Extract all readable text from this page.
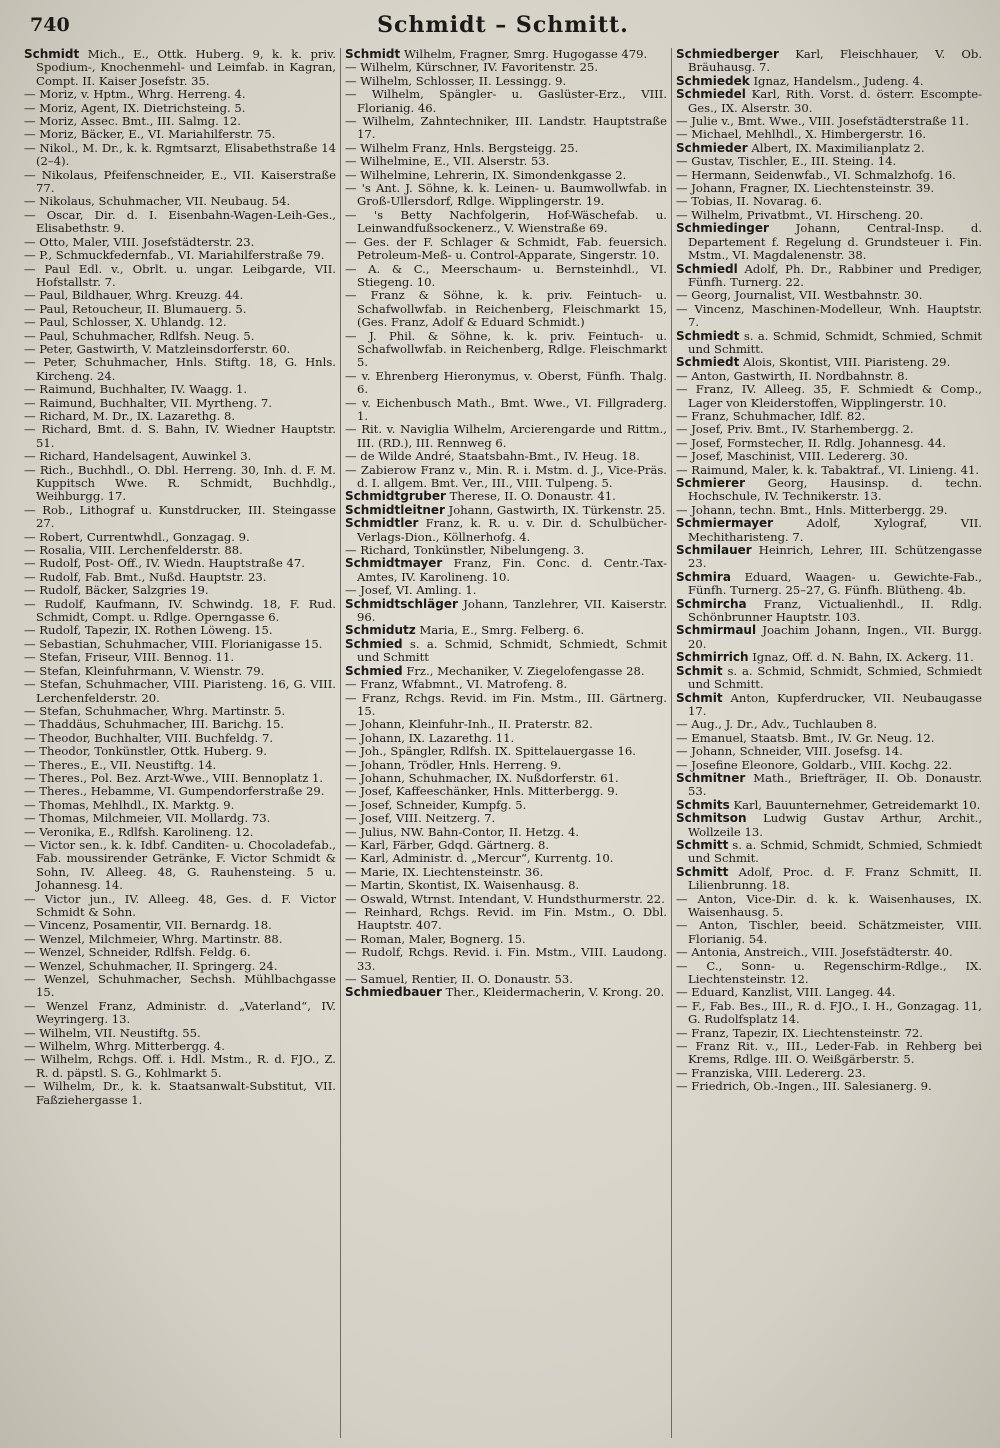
740	Schmidt – Schmitt.
Schmidt Mich., E., Ottk. Huberg. 9, k. k. priv. Spodium-, Knochenmehl- und Leimfab. in Kagran, Compt. II. Kaiser Josefstr. 35.
— Moriz, v. Hptm., Whrg. Herreng. 4.
— Moriz, Agent, IX. Dietrichsteing. 5.
— Moriz, Assec. Bmt., III. Salmg. 12.
— Moriz, Bäcker, E., VI. Mariahilferstr. 75.
— Nikol., M. Dr., k. k. Rgmtsarzt, Elisabethstraße 14 (2–4).
— Nikolaus, Pfeifenschneider, E., VII. Kaiserstraße 77.
— Nikolaus, Schuhmacher, VII. Neubaug. 54.
— Oscar, Dir. d. I. Eisenbahn-Wagen-Leih-Ges., Elisabethstr. 9.
— Otto, Maler, VIII. Josefstädterstr. 23.
— P., Schmuckfedernfab., VI. Mariahilferstraße 79.
— Paul Edl. v., Obrlt. u. ungar. Leibgarde, VII. Hofstallstr. 7.
— Paul, Bildhauer, Whrg. Kreuzg. 44.
— Paul, Retoucheur, II. Blumauerg. 5.
— Paul, Schlosser, X. Uhlandg. 12.
— Paul, Schuhmacher, Rdlfsh. Neug. 5.
— Peter, Gastwirth, V. Matzleinsdorferstr. 60.
— Peter, Schuhmacher, Hnls. Stiftg. 18, G. Hnls. Kircheng. 24.
— Raimund, Buchhalter, IV. Waagg. 1.
— Raimund, Buchhalter, VII. Myrtheng. 7.
— Richard, M. Dr., IX. Lazarethg. 8.
— Richard, Bmt. d. S. Bahn, IV. Wiedner Hauptstr. 51.
— Richard, Handelsagent, Auwinkel 3.
— Rich., Buchhdl., O. Dbl. Herreng. 30, Inh. d. F. M. Kuppitsch Wwe. R. Schmidt, Buchhdlg., Weihburgg. 17.
— Rob., Lithograf u. Kunstdrucker, III. Steingasse 27.
— Robert, Currentwhdl., Gonzagag. 9.
— Rosalia, VIII. Lerchenfelderstr. 88.
— Rudolf, Post- Off., IV. Wiedn. Hauptstraße 47.
— Rudolf, Fab. Bmt., Nußd. Hauptstr. 23.
— Rudolf, Bäcker, Salzgries 19.
— Rudolf, Kaufmann, IV. Schwindg. 18, F. Rud. Schmidt, Compt. u. Rdlge. Operngasse 6.
— Rudolf, Tapezir, IX. Rothen Löweng. 15.
— Sebastian, Schuhmacher, VIII. Florianigasse 15.
— Stefan, Friseur, VIII. Bennog. 11.
— Stefan, Kleinfuhrmann, V. Wienstr. 79.
— Stefan, Schuhmacher, VIII. Piaristeng. 16, G. VIII. Lerchenfelderstr. 20.
— Stefan, Schuhmacher, Whrg. Martinstr. 5.
— Thaddäus, Schuhmacher, III. Barichg. 15.
— Theodor, Buchhalter, VIII. Buchfeldg. 7.
— Theodor, Tonkünstler, Ottk. Huberg. 9.
— Theres., E., VII. Neustiftg. 14.
— Theres., Pol. Bez. Arzt-Wwe., VIII. Bennoplatz 1.
— Theres., Hebamme, VI. Gumpendorferstraße 29.
— Thomas, Mehlhdl., IX. Marktg. 9.
— Thomas, Milchmeier, VII. Mollardg. 73.
— Veronika, E., Rdlfsh. Karolineng. 12.
— Victor sen., k. k. Idbf. Canditen- u. Chocoladefab., Fab. moussirender Getränke, F. Victor Schmidt & Sohn, IV. Alleeg. 48, G. Rauhensteing. 5 u. Johannesg. 14.
— Victor jun., IV. Alleeg. 48, Ges. d. F. Victor Schmidt & Sohn.
— Vincenz, Posamentir, VII. Bernardg. 18.
— Wenzel, Milchmeier, Whrg. Martinstr. 88.
— Wenzel, Schneider, Rdlfsh. Feldg. 6.
— Wenzel, Schuhmacher, II. Springerg. 24.
— Wenzel, Schuhmacher, Sechsh. Mühlbachgasse 15.
— Wenzel Franz, Administr. d. „Vaterland“, IV. Weyringerg. 13.
— Wilhelm, VII. Neustiftg. 55.
— Wilhelm, Whrg. Mitterbergg. 4.
— Wilhelm, Rchgs. Off. i. Hdl. Mstm., R. d. FJO., Z. R. d. päpstl. S. G., Kohlmarkt 5.
— Wilhelm, Dr., k. k. Staatsanwalt-Substitut, VII. Faßziehergasse 1.
Schmidt Wilhelm, Fragner, Smrg. Hugogasse 479.
— Wilhelm, Kürschner, IV. Favoritenstr. 25.
— Wilhelm, Schlosser, II. Lessingg. 9.
— Wilhelm, Spängler- u. Gaslüster-Erz., VIII. Florianig. 46.
— Wilhelm, Zahntechniker, III. Landstr. Hauptstraße 17.
— Wilhelm Franz, Hnls. Bergsteigg. 25.
— Wilhelmine, E., VII. Alserstr. 53.
— Wilhelmine, Lehrerin, IX. Simondenkgasse 2.
— 's Ant. J. Söhne, k. k. Leinen- u. Baumwollwfab. in Groß-Ullersdorf, Rdlge. Wipplingerstr. 19.
— 's Betty Nachfolgerin, Hof-Wäschefab. u. Leinwandfußsockenerz., V. Wienstraße 69.
— Ges. der F. Schlager & Schmidt, Fab. feuersich. Petroleum-Meß- u. Control-Apparate, Singerstr. 10.
— A. & C., Meerschaum- u. Bernsteinhdl., VI. Stiegeng. 10.
— Franz & Söhne, k. k. priv. Feintuch- u. Schafwollwfab. in Reichenberg, Fleischmarkt 15, (Ges. Franz, Adolf & Eduard Schmidt.)
— J. Phil. & Söhne, k. k. priv. Feintuch- u. Schafwollwfab. in Reichenberg, Rdlge. Fleischmarkt 5.
— v. Ehrenberg Hieronymus, v. Oberst, Fünfh. Thalg. 6.
— v. Eichenbusch Math., Bmt. Wwe., VI. Fillgraderg. 1.
— Rit. v. Naviglia Wilhelm, Arcierengarde und Rittm., III. (RD.), III. Rennweg 6.
— de Wilde André, Staatsbahn-Bmt., IV. Heug. 18.
— Zabierow Franz v., Min. R. i. Mstm. d. J., Vice-Präs. d. I. allgem. Bmt. Ver., III., VIII. Tulpeng. 5.
Schmidtgruber Therese, II. O. Donaustr. 41.
Schmidtleitner Johann, Gastwirth, IX. Türkenstr. 25.
Schmidtler Franz, k. R. u. v. Dir. d. Schulbücher-Verlags-Dion., Köllnerhofg. 4.
— Richard, Tonkünstler, Nibelungeng. 3.
Schmidtmayer Franz, Fin. Conc. d. Centr.-Tax-Amtes, IV. Karolineng. 10.
— Josef, VI. Amling. 1.
Schmidtschläger Johann, Tanzlehrer, VII. Kaiserstr. 96.
Schmidutz Maria, E., Smrg. Felberg. 6.
Schmied s. a. Schmid, Schmidt, Schmiedt, Schmit und Schmitt
Schmied Frz., Mechaniker, V. Ziegelofengasse 28.
— Franz, Wfabmnt., VI. Matrofeng. 8.
— Franz, Rchgs. Revid. im Fin. Mstm., III. Gärtnerg. 15.
— Johann, Kleinfuhr-Inh., II. Praterstr. 82.
— Johann, IX. Lazarethg. 11.
— Joh., Spängler, Rdlfsh. IX. Spittelauergasse 16.
— Johann, Trödler, Hnls. Herreng. 9.
— Johann, Schuhmacher, IX. Nußdorferstr. 61.
— Josef, Kaffeeschänker, Hnls. Mitterbergg. 9.
— Josef, Schneider, Kumpfg. 5.
— Josef, VIII. Neitzerg. 7.
— Julius, NW. Bahn-Contor, II. Hetzg. 4.
— Karl, Färber, Gdqd. Gärtnerg. 8.
— Karl, Administr. d. „Mercur“, Kurrentg. 10.
— Marie, IX. Liechtensteinstr. 36.
— Martin, Skontist, IX. Waisenhausg. 8.
— Oswald, Wtrnst. Intendant, V. Hundsthurmerstr. 22.
— Reinhard, Rchgs. Revid. im Fin. Mstm., O. Dbl. Hauptstr. 407.
— Roman, Maler, Bognerg. 15.
— Rudolf, Rchgs. Revid. i. Fin. Mstm., VIII. Laudong. 33.
— Samuel, Rentier, II. O. Donaustr. 53.
Schmiedbauer Ther., Kleidermacherin, V. Krong. 20.
Schmiedberger Karl, Fleischhauer, V. Ob. Bräuhausg. 7.
Schmiedek Ignaz, Handelsm., Judeng. 4.
Schmiedel Karl, Rith. Vorst. d. österr. Escompte-Ges., IX. Alserstr. 30.
— Julie v., Bmt. Wwe., VIII. Josefstädterstraße 11.
— Michael, Mehlhdl., X. Himbergerstr. 16.
Schmieder Albert, IX. Maximilianplatz 2.
— Gustav, Tischler, E., III. Steing. 14.
— Hermann, Seidenwfab., VI. Schmalzhofg. 16.
— Johann, Fragner, IX. Liechtensteinstr. 39.
— Tobias, II. Novarag. 6.
— Wilhelm, Privatbmt., VI. Hirscheng. 20.
Schmiedinger Johann, Central-Insp. d. Departement f. Regelung d. Grundsteuer i. Fin. Mstm., VI. Magdalenenstr. 38.
Schmiedl Adolf, Ph. Dr., Rabbiner und Prediger, Fünfh. Turnerg. 22.
— Georg, Journalist, VII. Westbahnstr. 30.
— Vincenz, Maschinen-Modelleur, Wnh. Hauptstr. 7.
Schmiedt s. a. Schmid, Schmidt, Schmied, Schmit und Schmitt.
Schmiedt Alois, Skontist, VIII. Piaristeng. 29.
— Anton, Gastwirth, II. Nordbahnstr. 8.
— Franz, IV. Alleeg. 35, F. Schmiedt & Comp., Lager von Kleiderstoffen, Wipplingerstr. 10.
— Franz, Schuhmacher, Idlf. 82.
— Josef, Priv. Bmt., IV. Starhembergg. 2.
— Josef, Formstecher, II. Rdlg. Johannesg. 44.
— Josef, Maschinist, VIII. Ledererg. 30.
— Raimund, Maler, k. k. Tabaktraf., VI. Linieng. 41.
Schmierer Georg, Hausinsp. d. techn. Hochschule, IV. Technikerstr. 13.
— Johann, techn. Bmt., Hnls. Mitterbergg. 29.
Schmiermayer	Adolf, Xylograf, VII. Mechitharisteng. 7.
Schmilauer Heinrich, Lehrer, III. Schützengasse 23.
Schmira Eduard, Waagen- u. Gewichte-Fab., Fünfh. Turnerg. 25–27, G. Fünfh. Blütheng. 4b.
Schmircha Franz, Victualienhdl., II. Rdlg. Schönbrunner Hauptstr. 103.
Schmirmaul Joachim Johann, Ingen., VII. Burgg. 20.
Schmirrich Ignaz, Off. d. N. Bahn, IX. Ackerg. 11.
Schmit s. a. Schmid, Schmidt, Schmied, Schmiedt und Schmitt.
Schmit Anton, Kupferdrucker, VII. Neubaugasse 17.
— Aug., J. Dr., Adv., Tuchlauben 8.
— Emanuel, Staatsb. Bmt., IV. Gr. Neug. 12.
— Johann, Schneider, VIII. Josefsg. 14.
— Josefine Eleonore, Goldarb., VIII. Kochg. 22.
Schmitner Math., Briefträger, II. Ob. Donaustr. 53.
Schmits Karl, Bauunternehmer, Getreidemarkt 10.
Schmitson Ludwig Gustav Arthur, Archit., Wollzeile 13.
Schmitt s. a. Schmid, Schmidt, Schmied, Schmiedt und Schmit.
Schmitt Adolf, Proc. d. F. Franz Schmitt, II. Lilienbrunng. 18.
— Anton, Vice-Dir. d. k. k. Waisenhauses, IX. Waisenhausg. 5.
— Anton, Tischler, beeid. Schätzmeister, VIII. Florianig. 54.
— Antonia, Anstreich., VIII. Josefstädterstr. 40.
— C., Sonn- u. Regenschirm-Rdlge., IX. Liechtensteinstr. 12.
— Eduard, Kanzlist, VIII. Langeg. 44.
— F., Fab. Bes., III., R. d. FJO., I. H., Gonzagag. 11, G. Rudolfsplatz 14.
— Franz, Tapezir, IX. Liechtensteinstr. 72.
— Franz Rit. v., III., Leder-Fab. in Rehberg bei Krems, Rdlge. III. O. Weißgärberstr. 5.
— Franziska, VIII. Ledererg. 23.
— Friedrich, Ob.-Ingen., III. Salesianerg. 9.
